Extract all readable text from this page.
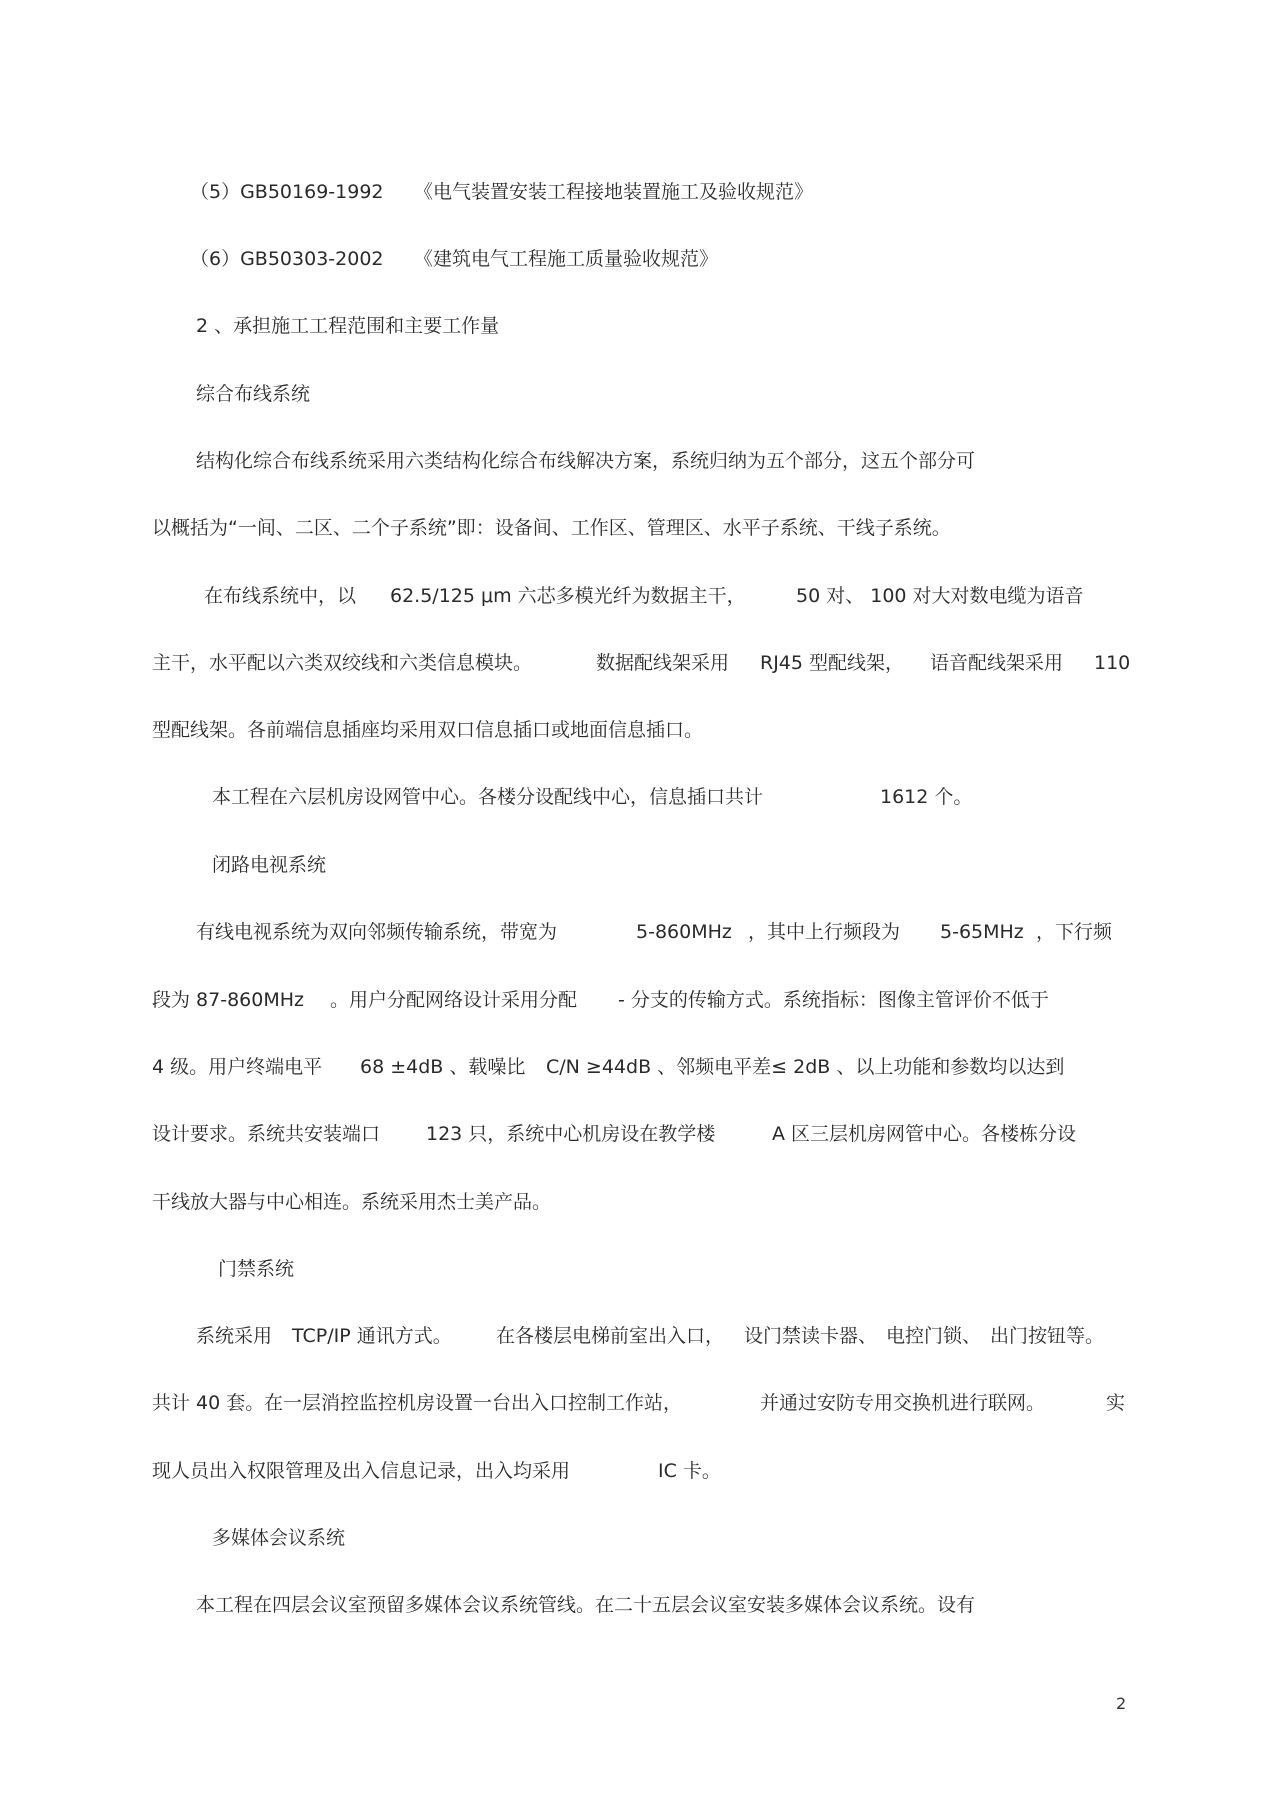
（5）GB50169-1992 《电气装置安装工程接地装置施工及验收规范》
（6）GB50303-2002 《建筑电气工程施工质量验收规范》
2 、承担施工工程范围和主要工作量
综合布线系统
结构化综合布线系统采用六类结构化综合布线解决方案，系统归纳为五个部分，这五个部分可
以概括为“一间、二区、二个子系统”即：设备间、工作区、管理区、水平子系统、干线子系统。
在布线系统中，以 62.5/125 μm 六芯多模光纤为数据主干，	50 对、 100 对大对数电缆为语音
主干，水平配以六类双绞线和六类信息模块。	数据配线架采用 RJ45 型配线架， 语音配线架采用 110
型配线架。各前端信息插座均采用双口信息插口或地面信息插口。
本工程在六层机房设网管中心。各楼分设配线中心，信息插口共计	1612 个。
闭路电视系统
有线电视系统为双向邻频传输系统，带宽为	5-860MHz ，其中上行频段为 5-65MHz ，下行频
段为 87-860MHz 。用户分配网络设计采用分配 - 分支的传输方式。系统指标：图像主管评价不低于
4 级。用户终端电平 68 ±4dB 、载噪比 C/N ≥44dB 、邻频电平差≤ 2dB 、以上功能和参数均以达到
设计要求。系统共安装端口 123 只，系统中心机房设在教学楼	A 区三层机房网管中心。各楼栋分设
干线放大器与中心相连。系统采用杰士美产品。
门禁系统
系统采用 TCP/IP 通讯方式。 在各楼层电梯前室出入口， 设门禁读卡器、 电控门锁、 出门按钮等。
共计 40 套。 在一层消控监控机房设置一台出入口控制工作站，	并通过安防专用交换机进行联网。	实
现人员出入权限管理及出入信息记录，出入均采用	IC 卡。
多媒体会议系统
本工程在四层会议室预留多媒体会议系统管线。在二十五层会议室安装多媒体会议系统。设有
2
